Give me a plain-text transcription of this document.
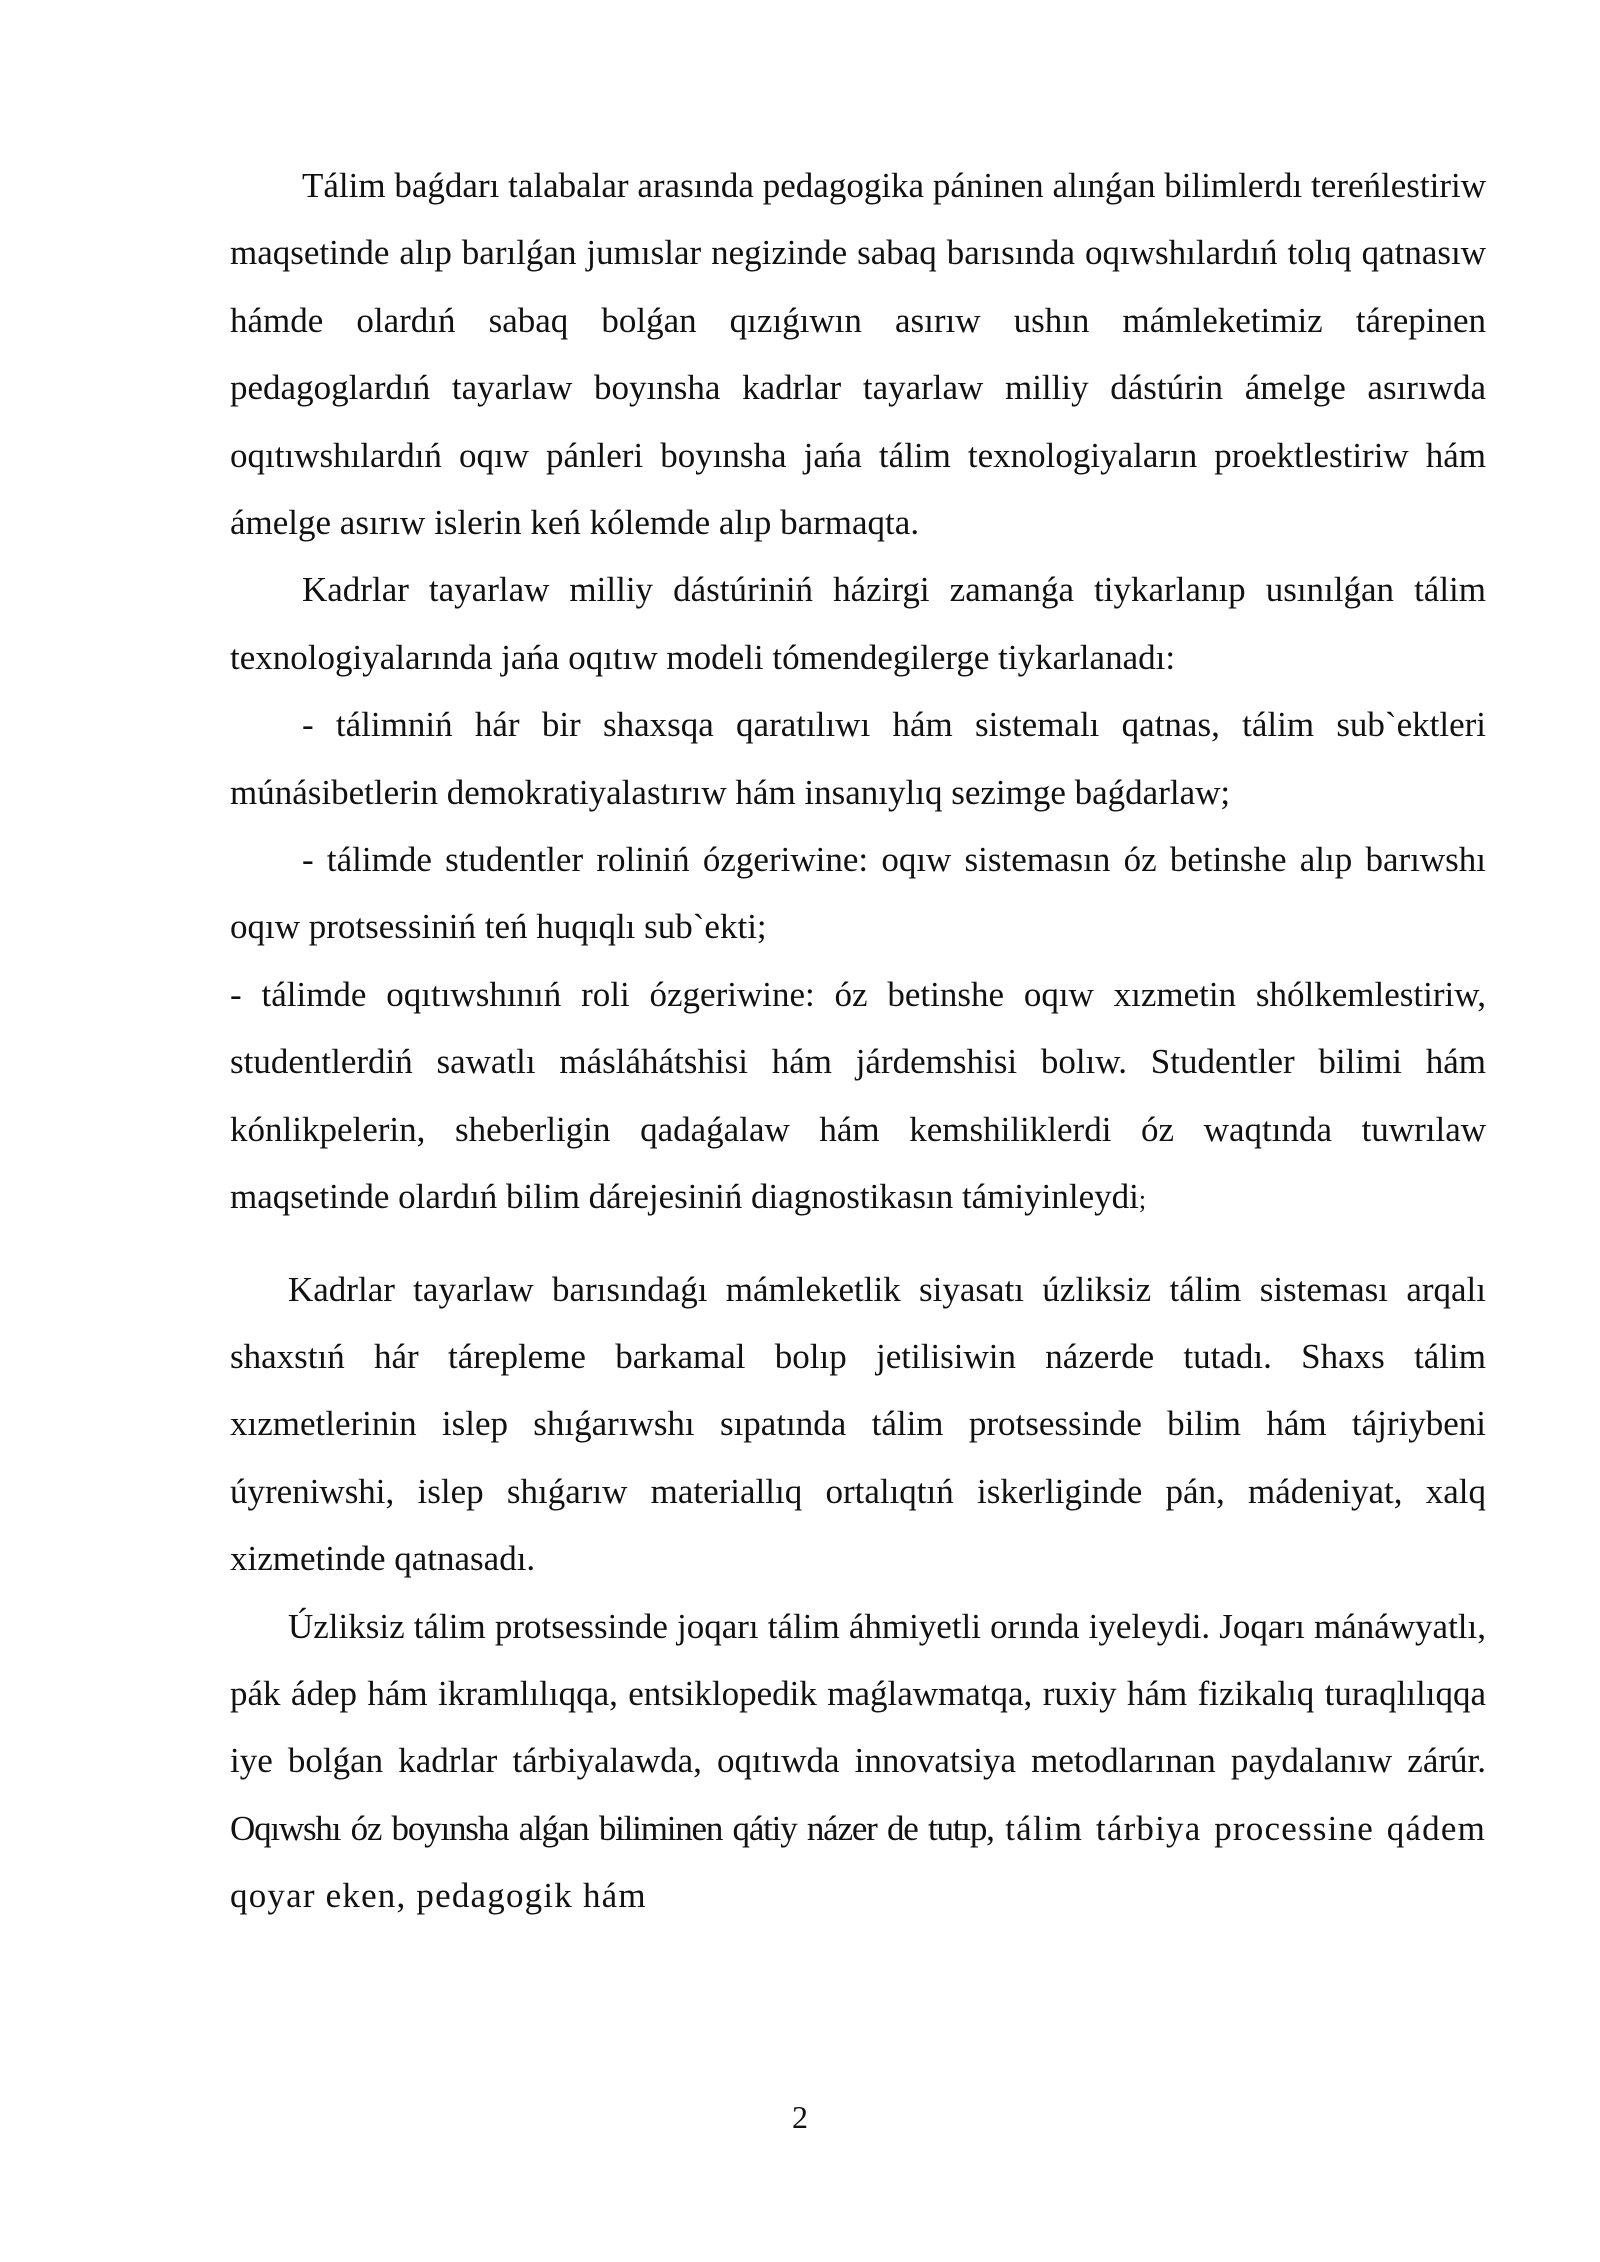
Tálim baǵdarı talabalar arasında pedagogika páninen alınǵan bilimlerdı tereńlestiriw maqsetinde alıp barılǵan jumıslar negizinde sabaq barısında oqıwshılardıń tolıq qatnasıw hámde olardıń sabaq bolǵan qızıǵıwın asırıw ushın mámleketimiz tárepinen pedagoglardıń tayarlaw boyınsha kadrlar tayarlaw milliy dástúrin ámelge asırıwda oqıtıwshılardıń oqıw pánleri boyınsha jańa tálim texnologiyaların proektlestiriw hám ámelge asırıw islerin keń kólemde alıp barmaqta.

Kadrlar tayarlaw milliy dástúriniń házirgi zamanǵa tiykarlanıp usınılǵan tálim texnologiyalarında jańa oqıtıw modeli tómendegilerge tiykarlanadı:

- tálimniń hár bir shaxsqa qaratılıwı hám sistemalı qatnas, tálim sub`ektleri múnásibetlerin demokratiyalastırıw hám insanıylıq sezimge baǵdarlaw;

- tálimde studentler roliniń ózgeriwine: oqıw sistemasın óz betinshe alıp barıwshı oqıw protsessiniń teń huqıqlı sub`ekti;

- tálimde oqıtıwshınıń roli ózgeriwine: óz betinshe oqıw xızmetin shólkemlestiriw, studentlerdiń sawatlı másláhátshisi hám járdemshisi bolıw. Studentler bilimi hám kónlikpelerin, sheberligin qadaǵalaw hám kemshiliklerdi óz waqtında tuwrılaw maqsetinde olardıń bilim dárejesiniń diagnostikasın támiyinleydi;

Kadrlar tayarlaw barısındaǵı mámleketlik siyasatı úzliksiz tálim sisteması arqalı shaxstıń hár tárepleme barkamal bolıp jetilisiwin názerde tutadı. Shaxs tálim xızmetlerinin islep shıǵarıwshı sıpatında tálim protsessinde bilim hám tájriybeni úyreniwshi, islep shıǵarıw materiallıq ortalıqtıń iskerliginde pán, mádeniyat, xalq xizmetinde qatnasadı.

Úzliksiz tálim protsessinde joqarı tálim áhmiyetli orında iyeleydi. Joqarı mánáwyatlı, pák ádep hám ikramlılıqqa, entsiklopedik maǵlawmatqa, ruxiy hám fizikalıq turaqlılıqqa iye bolǵan kadrlar tárbiyalawda, oqıtıwda innovatsiya metodlarınan paydalanıw zárúr. Oqıwshı óz boyınsha alǵan biliminen qátiy názer de tutıp, tálim tárbiya processine qádem qoyar eken, pedagogik hám

2
